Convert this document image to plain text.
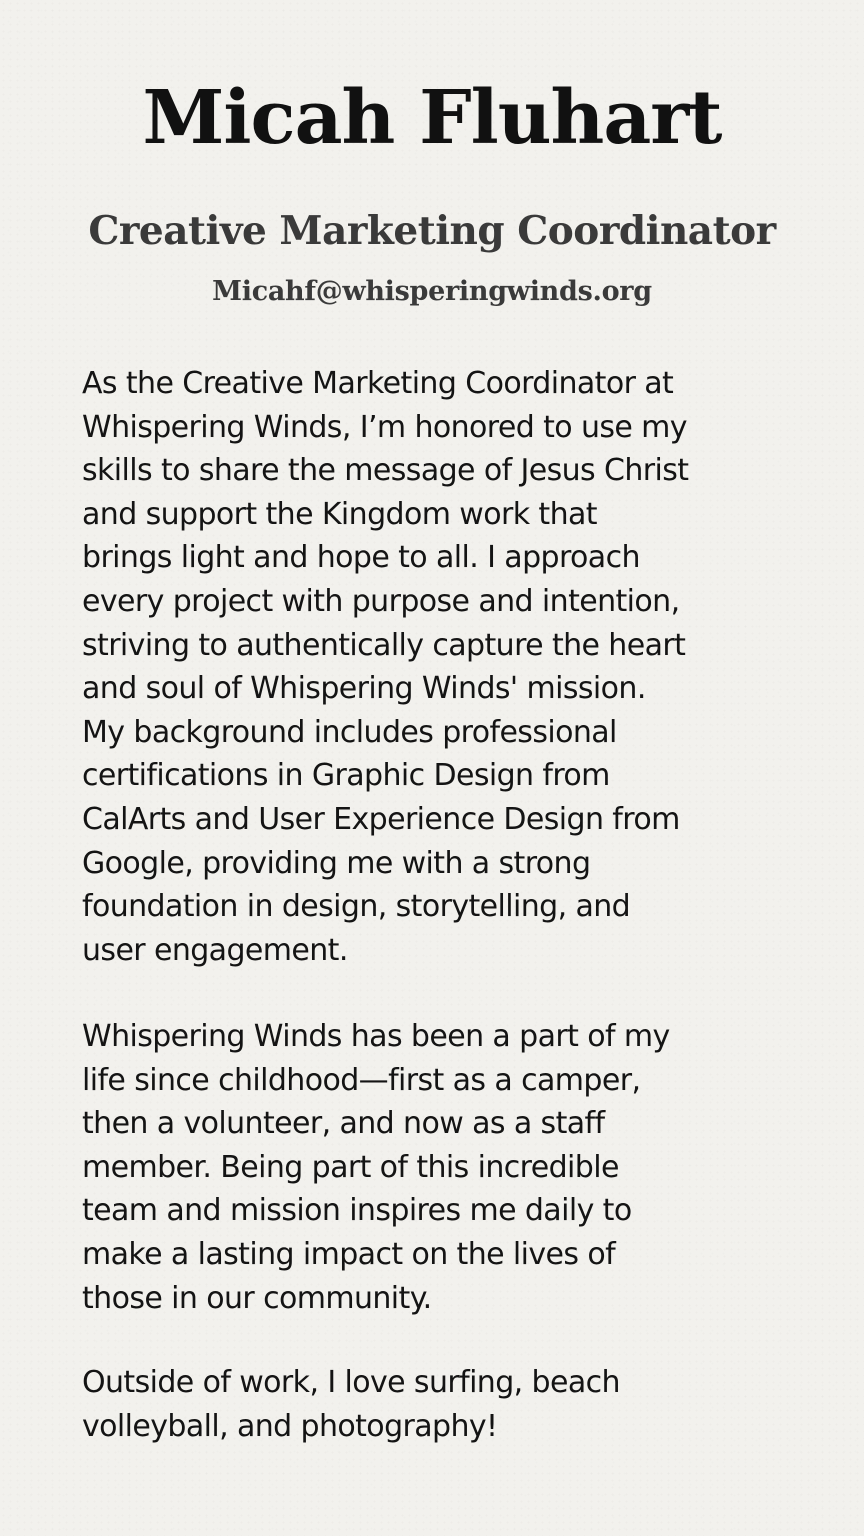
Micah Fluhart
Creative Marketing Coordinator
Micahf@whisperingwinds.org
As the Creative Marketing Coordinator at
Whispering Winds, I’m honored to use my
skills to share the message of Jesus Christ
and support the Kingdom work that
brings light and hope to all. I approach
every project with purpose and intention,
striving to authentically capture the heart
and soul of Whispering Winds' mission.
My background includes professional
certifications in Graphic Design from
CalArts and User Experience Design from
Google, providing me with a strong
foundation in design, storytelling, and
user engagement.
Whispering Winds has been a part of my
life since childhood—first as a camper,
then a volunteer, and now as a staff
member. Being part of this incredible
team and mission inspires me daily to
make a lasting impact on the lives of
those in our community.
Outside of work, I love surfing, beach
volleyball, and photography!
